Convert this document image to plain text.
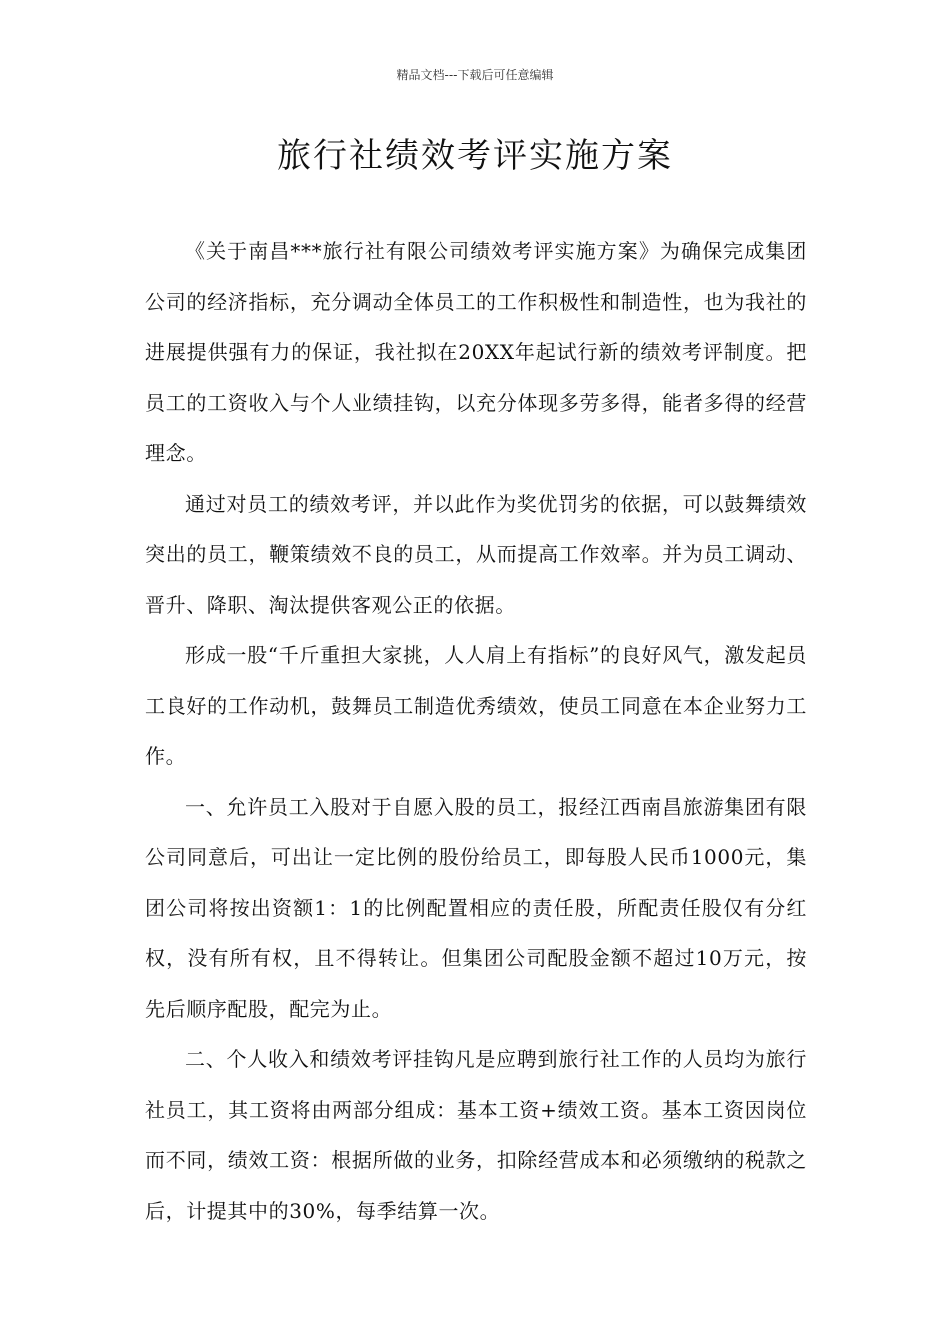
精品文档---下载后可任意编辑
旅行社绩效考评实施方案

《关于南昌***旅行社有限公司绩效考评实施方案》为确保完成集团公司的经济指标，充分调动全体员工的工作积极性和制造性，也为我社的进展提供强有力的保证，我社拟在20XX年起试行新的绩效考评制度。把员工的工资收入与个人业绩挂钩，以充分体现多劳多得，能者多得的经营理念。

通过对员工的绩效考评，并以此作为奖优罚劣的依据，可以鼓舞绩效突出的员工，鞭策绩效不良的员工，从而提高工作效率。并为员工调动、晋升、降职、淘汰提供客观公正的依据。

形成一股“千斤重担大家挑，人人肩上有指标”的良好风气，激发起员工良好的工作动机，鼓舞员工制造优秀绩效，使员工同意在本企业努力工作。

一、允许员工入股对于自愿入股的员工，报经江西南昌旅游集团有限公司同意后，可出让一定比例的股份给员工，即每股人民币1000元，集团公司将按出资额1：1的比例配置相应的责任股，所配责任股仅有分红权，没有所有权，且不得转让。但集团公司配股金额不超过10万元，按先后顺序配股，配完为止。

二、个人收入和绩效考评挂钩凡是应聘到旅行社工作的人员均为旅行社员工，其工资将由两部分组成：基本工资+绩效工资。基本工资因岗位而不同，绩效工资：根据所做的业务，扣除经营成本和必须缴纳的税款之后，计提其中的30%，每季结算一次。
